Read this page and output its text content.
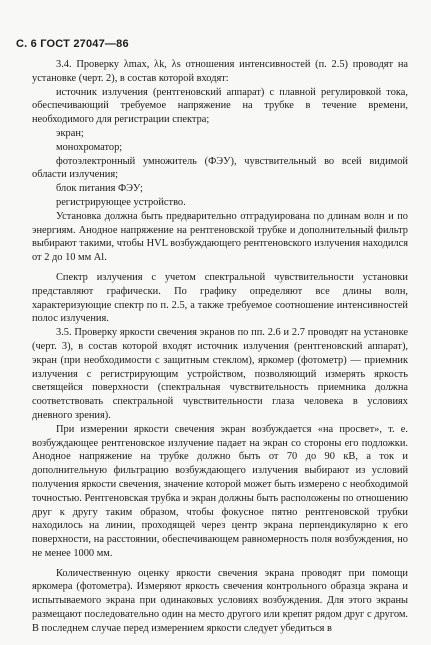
С. 6 ГОСТ 27047—86

3.4. Проверку λmax, λk, λs отношения интенсивностей (п. 2.5) проводят на установке (черт. 2), в состав которой входят:

источник излучения (рентгеновский аппарат) с плавной регулировкой тока, обеспечивающий требуемое напряжение на трубке в течение времени, необходимого для регистрации спектра;

экран;

монохроматор;

фотоэлектронный умножитель (ФЭУ), чувствительный во всей видимой области излучения;

блок питания ФЭУ;

регистрирующее устройство.

Установка должна быть предварительно отградуирована по длинам волн и по энергиям. Анодное напряжение на рентгеновской трубке и дополнительный фильтр выбирают такими, чтобы HVL возбуждающего рентгеновского излучения находился от 2 до 10 мм Al.

Спектр излучения с учетом спектральной чувствительности установки представляют графически. По графику определяют все длины волн, характеризующие спектр по п. 2.5, а также требуемое соотношение интенсивностей полос излучения.

3.5. Проверку яркости свечения экранов по пп. 2.6 и 2.7 проводят на установке (черт. 3), в состав которой входят источник излучения (рентгеновский аппарат), экран (при необходимости с защитным стеклом), яркомер (фотометр) — приемник излучения с регистрирующим устройством, позволяющий измерять яркость светящейся поверхности (спектральная чувствительность приемника должна соответствовать спектральной чувствительности глаза человека в условиях дневного зрения).

При измерении яркости свечения экран возбуждается «на просвет», т. е. возбуждающее рентгеновское излучение падает на экран со стороны его подложки. Анодное напряжение на трубке должно быть от 70 до 90 кВ, а ток и дополнительную фильтрацию возбуждающего излучения выбирают из условий получения яркости свечения, значение которой может быть измерено с необходимой точностью. Рентгеновская трубка и экран должны быть расположены по отношению друг к другу таким образом, чтобы фокусное пятно рентгеновской трубки находилось на линии, проходящей через центр экрана перпендикулярно к его поверхности, на расстоянии, обеспечивающем равномерность поля возбуждения, но не менее 1000 мм.

Количественную оценку яркости свечения экрана проводят при помощи яркомера (фотометра). Измеряют яркость свечения контрольного образца экрана и испытываемого экрана при одинаковых условиях возбуждения. Для этого экраны размещают последовательно один на место другого или крепят рядом друг с другом. В последнем случае перед измерением яркости следует убедиться в
